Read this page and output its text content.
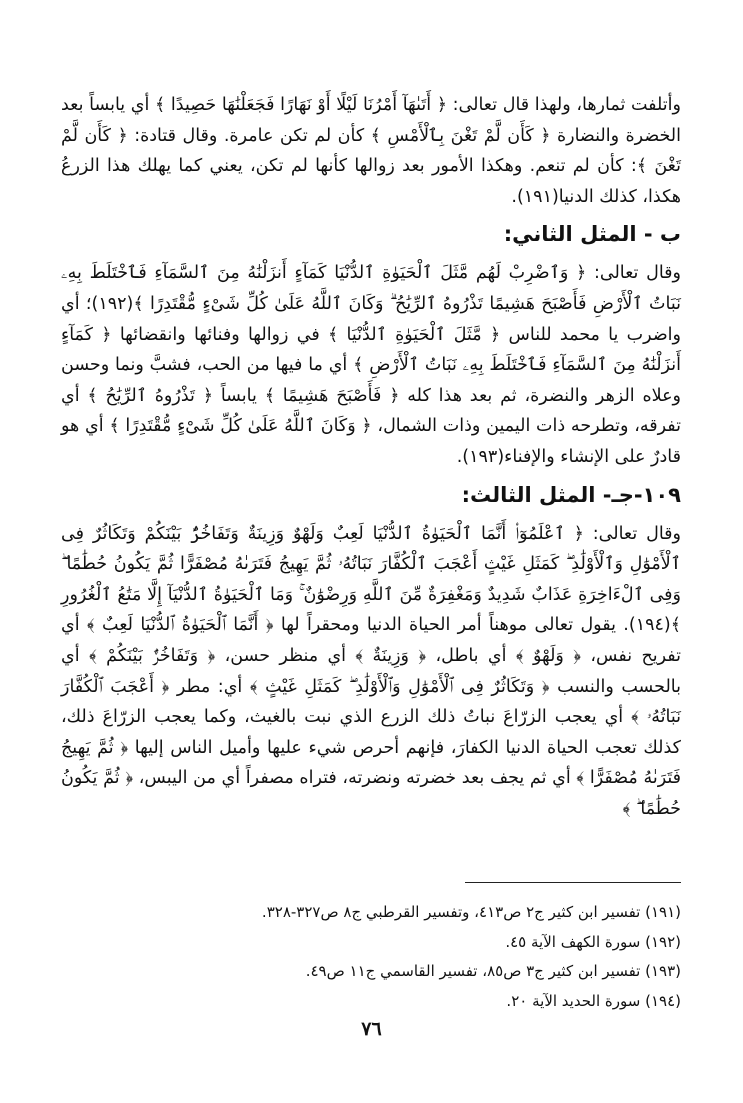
وأتلفت ثمارها، ولهذا قال تعالى: ﴿ أَتَىٰهَآ أَمْرُنَا لَيْلًا أَوْ نَهَارًا فَجَعَلْنَٰهَا حَصِيدًا ﴾ أي يابساً بعد الخضرة والنضارة ﴿ كَأَن لَّمْ تَغْنَ بِٱلْأَمْسِ ﴾ كأن لم تكن عامرة. وقال قتادة: ﴿ كَأَن لَّمْ تَغْنَ ﴾: كأن لم تنعم. وهكذا الأمور بعد زوالها كأنها لم تكن، يعني كما يهلك هذا الزرعُ هكذا، كذلك الدنيا(١٩١).

ب - المثل الثاني:

وقال تعالى: ﴿ وَٱضْرِبْ لَهُم مَّثَلَ ٱلْحَيَوٰةِ ٱلدُّنْيَا كَمَآءٍ أَنزَلْنَٰهُ مِنَ ٱلسَّمَآءِ فَٱخْتَلَطَ بِهِۦ نَبَاتُ ٱلْأَرْضِ فَأَصْبَحَ هَشِيمًا تَذْرُوهُ ٱلرِّيَٰحُ ۗ وَكَانَ ٱللَّهُ عَلَىٰ كُلِّ شَىْءٍ مُّقْتَدِرًا ﴾(١٩٢)؛ أي واضرب يا محمد للناس ﴿ مَّثَلَ ٱلْحَيَوٰةِ ٱلدُّنْيَا ﴾ في زوالها وفنائها وانقضائها ﴿ كَمَآءٍ أَنزَلْنَٰهُ مِنَ ٱلسَّمَآءِ فَٱخْتَلَطَ بِهِۦ نَبَاتُ ٱلْأَرْضِ ﴾ أي ما فيها من الحب، فشبَّ ونما وحسن وعلاه الزهر والنضرة، ثم بعد هذا كله ﴿ فَأَصْبَحَ هَشِيمًا ﴾ يابساً ﴿ تَذْرُوهُ ٱلرِّيَٰحُ ﴾ أي تفرقه، وتطرحه ذات اليمين وذات الشمال، ﴿ وَكَانَ ٱللَّهُ عَلَىٰ كُلِّ شَىْءٍ مُّقْتَدِرًا ﴾ أي هو قادرٌ على الإنشاء والإفناء(١٩٣).

١٠٩-جـ- المثل الثالث:

وقال تعالى: ﴿ ٱعْلَمُوٓا۟ أَنَّمَا ٱلْحَيَوٰةُ ٱلدُّنْيَا لَعِبٌ وَلَهْوٌ وَزِينَةٌ وَتَفَاخُرٌۢ بَيْنَكُمْ وَتَكَاثُرٌ فِى ٱلْأَمْوَٰلِ وَٱلْأَوْلَٰدِ ۖ كَمَثَلِ غَيْثٍ أَعْجَبَ ٱلْكُفَّارَ نَبَاتُهُۥ ثُمَّ يَهِيجُ فَتَرَىٰهُ مُصْفَرًّا ثُمَّ يَكُونُ حُطَٰمًا ۖ وَفِى ٱلْءَاخِرَةِ عَذَابٌ شَدِيدٌ وَمَغْفِرَةٌ مِّنَ ٱللَّهِ وَرِضْوَٰنٌ ۚ وَمَا ٱلْحَيَوٰةُ ٱلدُّنْيَآ إِلَّا مَتَٰعُ ٱلْغُرُورِ ﴾(١٩٤). يقول تعالى موهناً أمر الحياة الدنيا ومحقراً لها ﴿ أَنَّمَا ٱلْحَيَوٰةُ ٱلدُّنْيَا لَعِبٌ ﴾ أي تفريح نفس، ﴿ وَلَهْوٌ ﴾ أي باطل، ﴿ وَزِينَةٌ ﴾ أي منظر حسن، ﴿ وَتَفَاخُرٌۢ بَيْنَكُمْ ﴾ أي بالحسب والنسب ﴿ وَتَكَاثُرٌ فِى ٱلْأَمْوَٰلِ وَٱلْأَوْلَٰدِ ۖ كَمَثَلِ غَيْثٍ ﴾ أي: مطر ﴿ أَعْجَبَ ٱلْكُفَّارَ نَبَاتُهُۥ ﴾ أي يعجب الزرّاعَ نباتُ ذلك الزرع الذي نبت بالغيث، وكما يعجب الزرّاعَ ذلك، كذلك تعجب الحياة الدنيا الكفارَ، فإنهم أحرص شيء عليها وأميل الناس إليها ﴿ ثُمَّ يَهِيجُ فَتَرَىٰهُ مُصْفَرًّا ﴾ أي ثم يجف بعد خضرته ونضرته، فتراه مصفراً أي من اليبس، ﴿ ثُمَّ يَكُونُ حُطَٰمًا ۖ ﴾

(١٩١) تفسير ابن كثير ج٢ ص٤١٣، وتفسير القرطبي ج٨ ص٣٢٧-٣٢٨.

(١٩٢) سورة الكهف الآية ٤٥.

(١٩٣) تفسير ابن كثير ج٣ ص٨٥، تفسير القاسمي ج١١ ص٤٩.

(١٩٤) سورة الحديد الآية ٢٠.

٧٦
